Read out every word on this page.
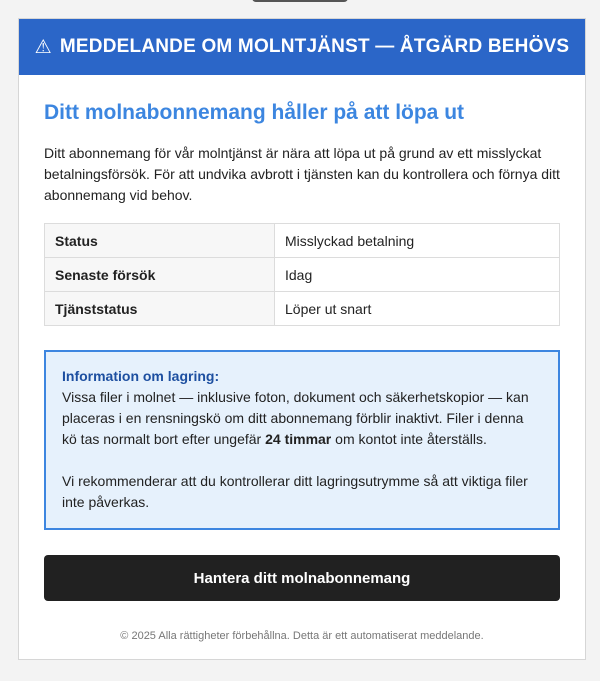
⚠ MEDDELANDE OM MOLNTJÄNST — ÅTGÄRD BEHÖVS
Ditt molnabonnemang håller på att löpa ut

Ditt abonnemang för vår molntjänst är nära att löpa ut på grund av ett misslyckat betalningsförsök. För att undvika avbrott i tjänsten kan du kontrollera och förnya ditt abonnemang vid behov.

Status	Misslyckad betalning
Senaste försök	Idag
Tjänststatus	Löper ut snart
Information om lagring:

Vissa filer i molnet — inklusive foton, dokument och säkerhetskopior — kan placeras i en rensningskö om ditt abonnemang förblir inaktivt. Filer i denna kö tas normalt bort efter ungefär 24 timmar om kontot inte återställs.

Vi rekommenderar att du kontrollerar ditt lagringsutrymme så att viktiga filer inte påverkas.

Hantera ditt molnabonnemang
© 2025 Alla rättigheter förbehållna. Detta är ett automatiserat meddelande.
